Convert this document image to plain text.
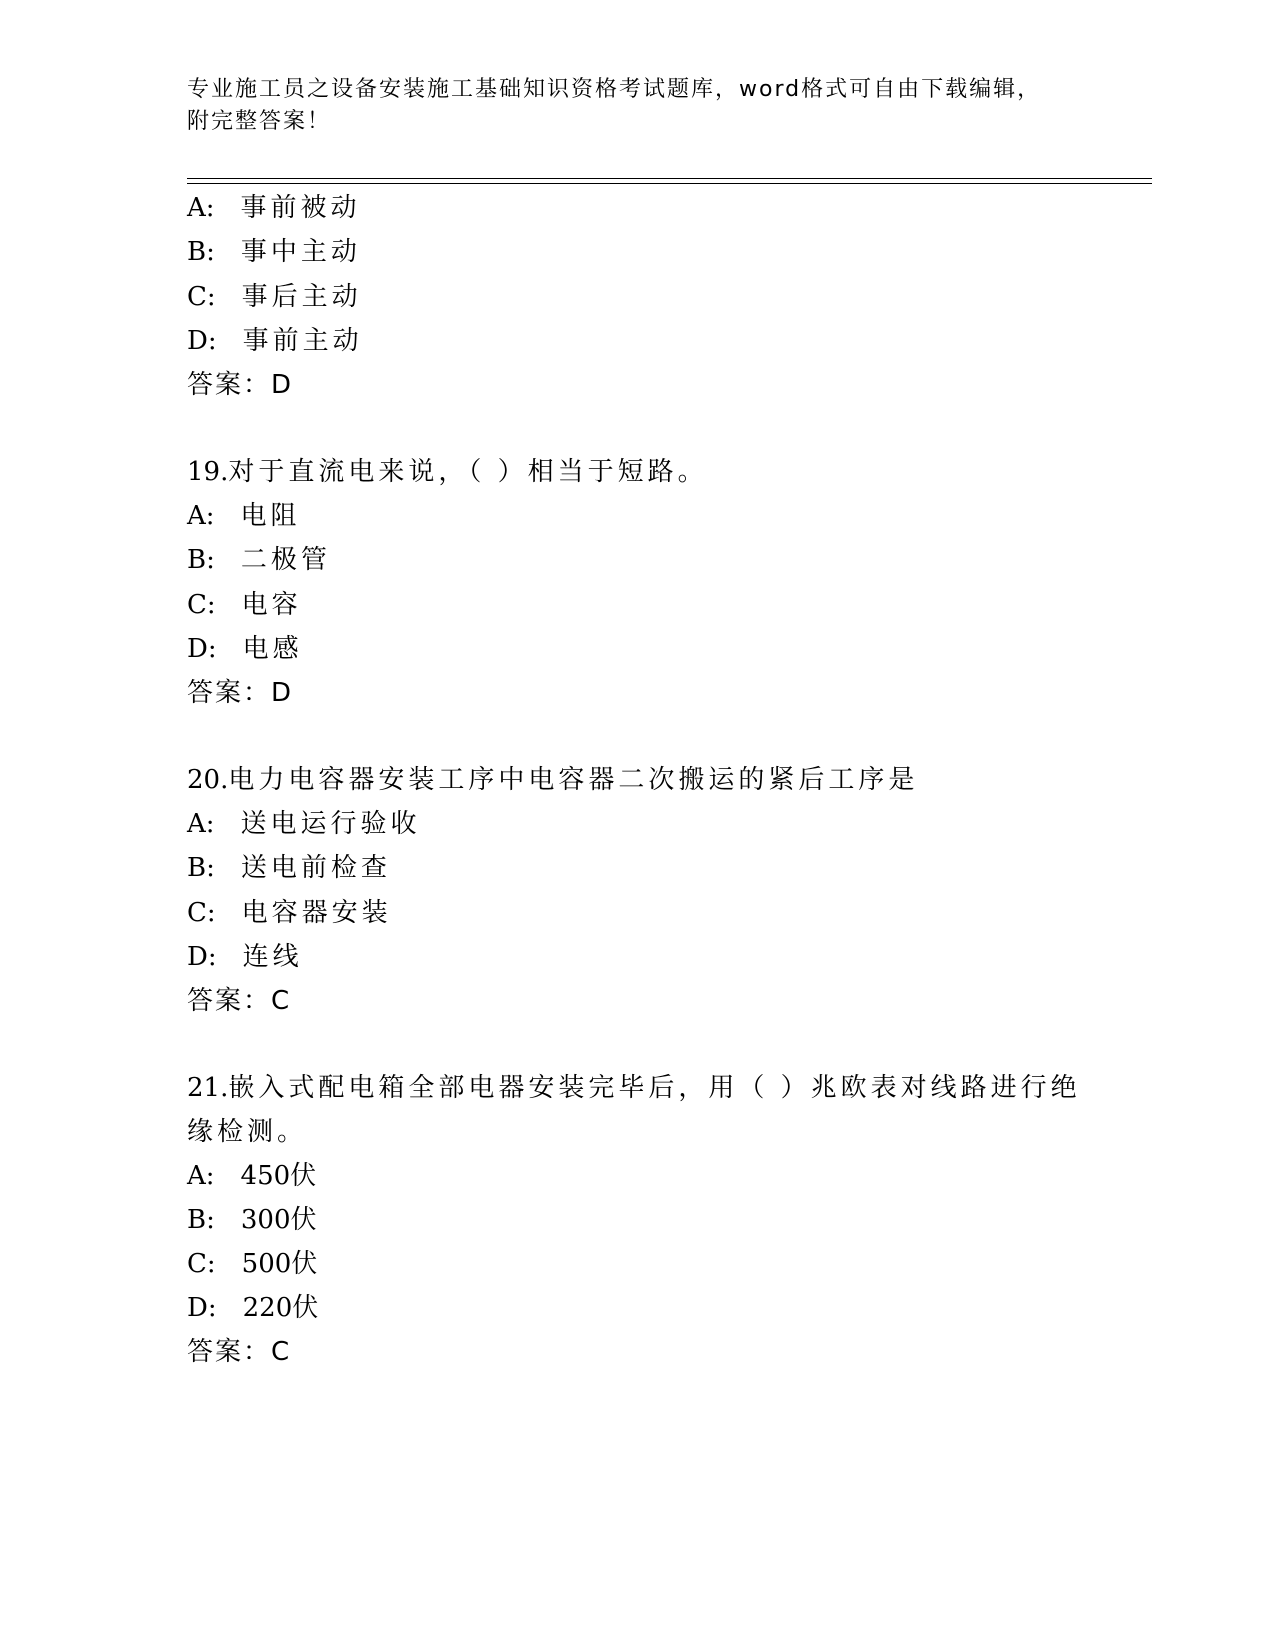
专业施工员之设备安装施工基础知识资格考试题库，word格式可自由下载编辑，
附完整答案！
A: 事前被动
B: 事中主动
C: 事后主动
D: 事前主动
答案：D
19.对于直流电来说，（ ）相当于短路。
A: 电阻
B: 二极管
C: 电容
D: 电感
答案：D
20.电力电容器安装工序中电容器二次搬运的紧后工序是
A: 送电运行验收
B: 送电前检查
C: 电容器安装
D: 连线
答案：C
21.嵌入式配电箱全部电器安装完毕后，用（ ）兆欧表对线路进行绝
缘检测。
A: 450伏
B: 300伏
C: 500伏
D: 220伏
答案：C
